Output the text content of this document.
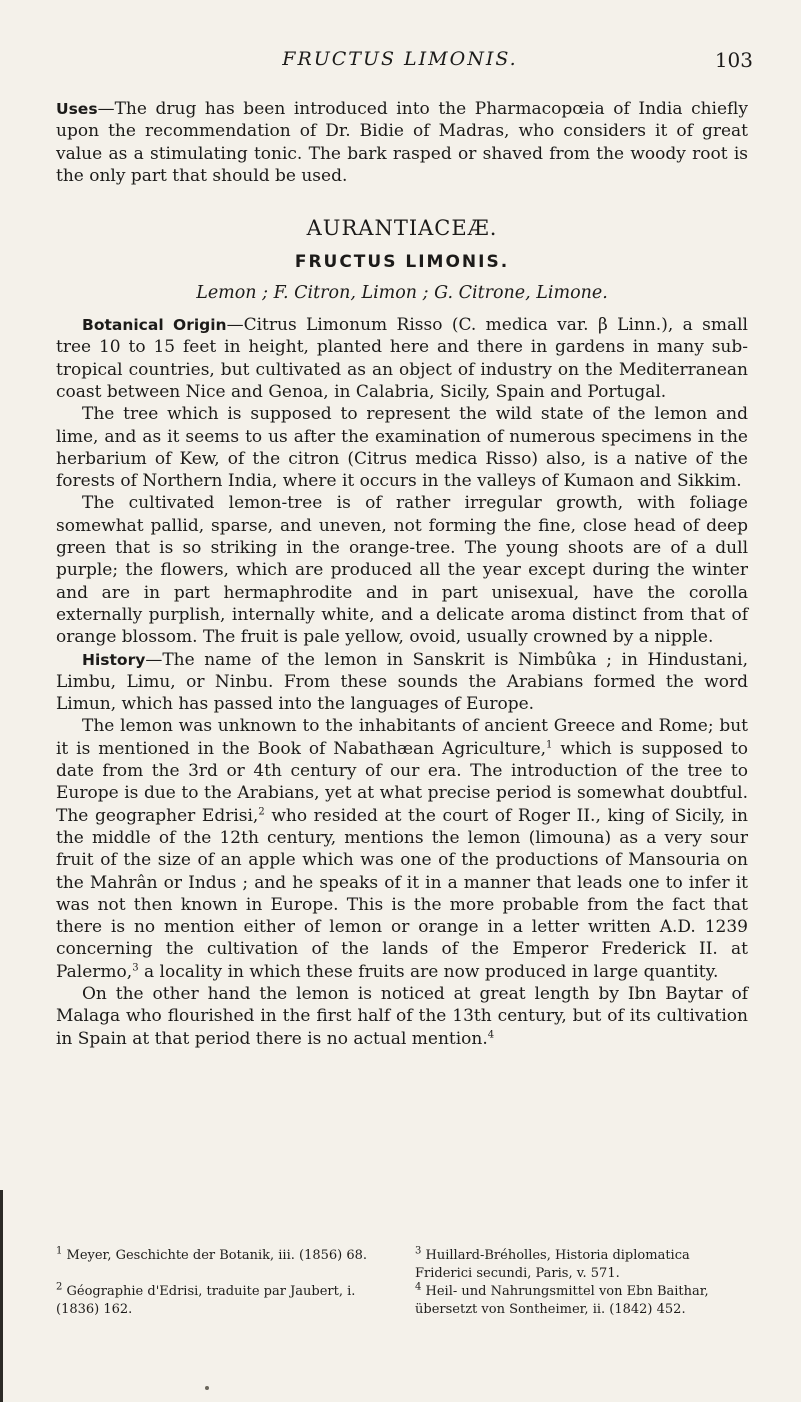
FRUCTUS LIMONIS.	103

Uses—The drug has been introduced into the Pharmacopœia of India chiefly upon the recommendation of Dr. Bidie of Madras, who considers it of great value as a stimulating tonic. The bark rasped or shaved from the woody root is the only part that should be used.

AURANTIACEÆ.

FRUCTUS LIMONIS.

Lemon ; F. Citron, Limon ; G. Citrone, Limone.

Botanical Origin—Citrus Limonum Risso (C. medica var. β Linn.), a small tree 10 to 15 feet in height, planted here and there in gardens in many sub-tropical countries, but cultivated as an object of industry on the Mediterranean coast between Nice and Genoa, in Calabria, Sicily, Spain and Portugal.

The tree which is supposed to represent the wild state of the lemon and lime, and as it seems to us after the examination of numerous specimens in the herbarium of Kew, of the citron (Citrus medica Risso) also, is a native of the forests of Northern India, where it occurs in the valleys of Kumaon and Sikkim.

The cultivated lemon-tree is of rather irregular growth, with foliage somewhat pallid, sparse, and uneven, not forming the fine, close head of deep green that is so striking in the orange-tree. The young shoots are of a dull purple; the flowers, which are produced all the year except during the winter and are in part hermaphrodite and in part unisexual, have the corolla externally purplish, internally white, and a delicate aroma distinct from that of orange blossom. The fruit is pale yellow, ovoid, usually crowned by a nipple.

History—The name of the lemon in Sanskrit is Nimbûka ; in Hindustani, Limbu, Limu, or Ninbu. From these sounds the Arabians formed the word Limun, which has passed into the languages of Europe.

The lemon was unknown to the inhabitants of ancient Greece and Rome; but it is mentioned in the Book of Nabathæan Agriculture,$^1$ which is supposed to date from the 3rd or 4th century of our era. The introduction of the tree to Europe is due to the Arabians, yet at what precise period is somewhat doubtful. The geographer Edrisi,$^2$ who resided at the court of Roger II., king of Sicily, in the middle of the 12th century, mentions the lemon (limouna) as a very sour fruit of the size of an apple which was one of the productions of Mansouria on the Mahrân or Indus ; and he speaks of it in a manner that leads one to infer it was not then known in Europe. This is the more probable from the fact that there is no mention either of lemon or orange in a letter written A.D. 1239 concerning the cultivation of the lands of the Emperor Frederick II. at Palermo,$^3$ a locality in which these fruits are now produced in large quantity.

On the other hand the lemon is noticed at great length by Ibn Baytar of Malaga who flourished in the first half of the 13th century, but of its cultivation in Spain at that period there is no actual mention.$^4$

$^1$ Meyer, Geschichte der Botanik, iii. (1856) 68.	$^3$ Huillard-Bréholles, Historia diplomatica Friderici secundi, Paris, v. 571.

$^2$ Géographie d'Edrisi, traduite par Jaubert, i. (1836) 162.

$^4$ Heil- und Nahrungsmittel von Ebn Baithar, übersetzt von Sontheimer, ii. (1842) 452.
